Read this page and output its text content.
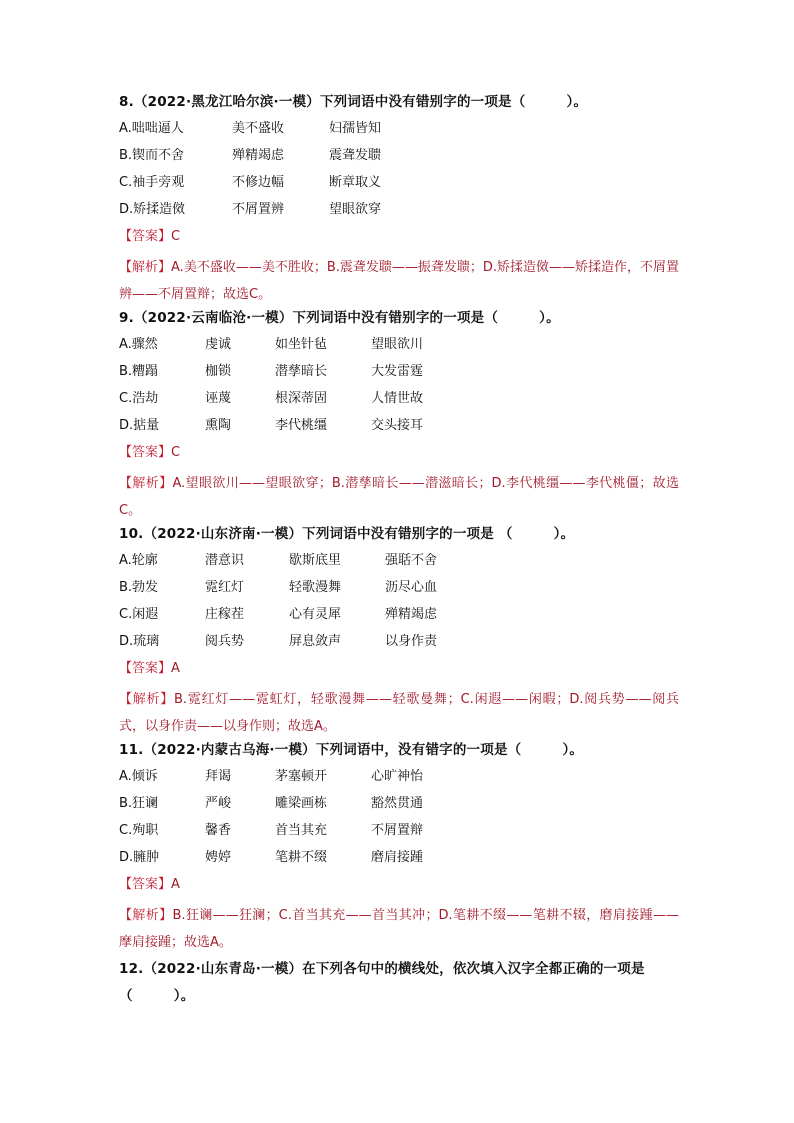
8.（2022·黑龙江哈尔滨·一模）下列词语中没有错别字的一项是（　　　）。
A.咄咄逼人	美不盛收	妇孺皆知
B.锲而不舍	殚精竭虑	震聋发聩
C.袖手旁观	不修边幅	断章取义
D.矫揉造傚	不屑置辨	望眼欲穿
【答案】C
【解析】A.美不盛收——美不胜收；B.震聋发聩——振聋发聩；D.矫揉造傚——矫揉造作，不屑置辨——不屑置辩；故选C。
9.（2022·云南临沧·一模）下列词语中没有错别字的一项是（　　　）。
A.骤然	虔诚	如坐针毡	望眼欲川
B.糟蹋	枷锁	潜孳暗长	大发雷霆
C.浩劫	诬蔑	根深蒂固	人情世故
D.掂量	熏陶	李代桃缰	交头接耳
【答案】C
【解析】A.望眼欲川——望眼欲穿；B.潜孳暗长——潜滋暗长；D.李代桃缰——李代桃僵；故选C。
10.（2022·山东济南·一模）下列词语中没有错别字的一项是 （　　　）。
A.轮廓	潜意识	歇斯底里	强聒不舍
B.勃发	霓红灯	轻歌漫舞	沥尽心血
C.闲遐	庄稼茬	心有灵犀	殚精竭虑
D.琉璃	阅兵势	屏息敛声	以身作责
【答案】A
【解析】B.霓红灯——霓虹灯，轻歌漫舞——轻歌曼舞；C.闲遐——闲暇；D.阅兵势——阅兵式，以身作责——以身作则；故选A。
11.（2022·内蒙古乌海·一模）下列词语中，没有错字的一项是（　　　）。
A.倾诉	拜谒	茅塞顿开	心旷神怡
B.狂谰	严峻	雕梁画栋	豁然贯通
C.殉职	馨香	首当其充	不屑置辩
D.臃肿	娉婷	笔耕不缀	磨肩接踵
【答案】A
【解析】B.狂谰——狂澜；C.首当其充——首当其冲；D.笔耕不缀——笔耕不辍，磨肩接踵——摩肩接踵；故选A。
12.（2022·山东青岛·一模）在下列各句中的横线处，依次填入汉字全都正确的一项是（　　　）。
